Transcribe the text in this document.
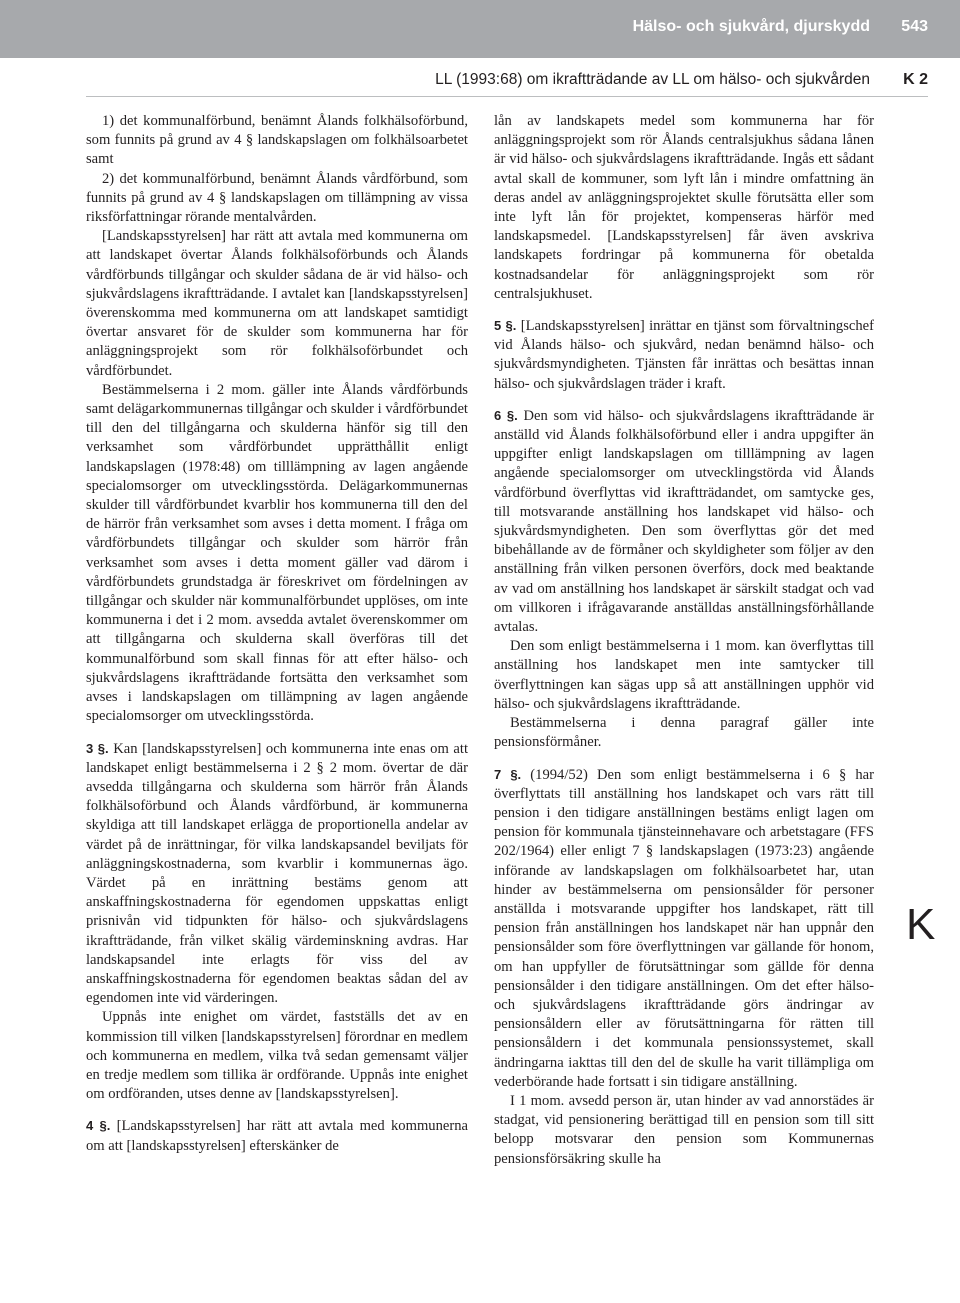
Hälso- och sjukvård, djurskydd 543
LL (1993:68) om ikraftträdande av LL om hälso- och sjukvården K 2

1) det kommunalförbund, benämnt Ålands folkhälsoförbund, som funnits på grund av 4 § landskapslagen om folkhälsoarbetet samt

2) det kommunalförbund, benämnt Ålands vårdförbund, som funnits på grund av 4 § landskapslagen om tillämpning av vissa riksförfattningar rörande mentalvården.

[Landskapsstyrelsen] har rätt att avtala med kommunerna om att landskapet övertar Ålands folkhälsoförbunds och Ålands vårdförbunds tillgångar och skulder sådana de är vid hälso- och sjukvårdslagens ikraftträdande. I avtalet kan [landskapsstyrelsen] överenskomma med kommunerna om att landskapet samtidigt övertar ansvaret för de skulder som kommunerna har för anläggningsprojekt som rör folkhälsoförbundet och vårdförbundet.

Bestämmelserna i 2 mom. gäller inte Ålands vårdförbunds samt delägarkommunernas tillgångar och skulder i vårdförbundet till den del tillgångarna och skulderna hänför sig till den verksamhet som vårdförbundet upprätthållit enligt landskapslagen (1978:48) om tilllämpning av lagen angående specialomsorger om utvecklingsstörda. Delägarkommunernas skulder till vårdförbundet kvarblir hos kommunerna till den del de härrör från verksamhet som avses i detta moment. I fråga om vårdförbundets tillgångar och skulder som härrör från verksamhet som avses i detta moment gäller vad därom i vårdförbundets grundstadga är föreskrivet om fördelningen av tillgångar och skulder när kommunalförbundet upplöses, om inte kommunerna i det i 2 mom. avsedda avtalet överenskommer om att tillgångarna och skulderna skall överföras till det kommunalförbund som skall finnas för att efter hälso- och sjukvårdslagens ikraftträdande fortsätta den verksamhet som avses i landskapslagen om tillämpning av lagen angående specialomsorger om utvecklingsstörda.

3 §. Kan [landskapsstyrelsen] och kommunerna inte enas om att landskapet enligt bestämmelserna i 2 § 2 mom. övertar de där avsedda tillgångarna och skulderna som härrör från Ålands folkhälsoförbund och Ålands vårdförbund, är kommunerna skyldiga att till landskapet erlägga de proportionella andelar av värdet på de inrättningar, för vilka landskapsandel beviljats för anläggningskostnaderna, som kvarblir i kommunernas ägo. Värdet på en inrättning bestäms genom att anskaffningskostnaderna för egendomen uppskattas enligt prisnivån vid tidpunkten för hälso- och sjukvårdslagens ikraftträdande, från vilket skälig värdeminskning avdras. Har landskapsandel inte erlagts för viss del av anskaffningskostnaderna för egendomen beaktas sådan del av egendomen inte vid värderingen.

Uppnås inte enighet om värdet, fastställs det av en kommission till vilken [landskapsstyrelsen] förordnar en medlem och kommunerna en medlem, vilka två sedan gemensamt väljer en tredje medlem som tillika är ordförande. Uppnås inte enighet om ordföranden, utses denne av [landskapsstyrelsen].

4 §. [Landskapsstyrelsen] har rätt att avtala med kommunerna om att [landskapsstyrelsen] efterskänker de

lån av landskapets medel som kommunerna har för anläggningsprojekt som rör Ålands centralsjukhus sådana lånen är vid hälso- och sjukvårdslagens ikraftträdande. Ingås ett sådant avtal skall de kommuner, som lyft lån i mindre omfattning än deras andel av anläggningsprojektet skulle förutsätta eller som inte lyft lån för projektet, kompenseras härför med landskapsmedel. [Landskapsstyrelsen] får även avskriva landskapets fordringar på kommunerna för obetalda kostnadsandelar för anläggningsprojekt som rör centralsjukhuset.

5 §. [Landskapsstyrelsen] inrättar en tjänst som förvaltningschef vid Ålands hälso- och sjukvård, nedan benämnd hälso- och sjukvårdsmyndigheten. Tjänsten får inrättas och besättas innan hälso- och sjukvårdslagen träder i kraft.

6 §. Den som vid hälso- och sjukvårdslagens ikraftträdande är anställd vid Ålands folkhälsoförbund eller i andra uppgifter än uppgifter enligt landskapslagen om tilllämpning av lagen angående specialomsorger om utvecklingstörda vid Ålands vårdförbund överflyttas vid ikraftträdandet, om samtycke ges, till motsvarande anställning hos landskapet vid hälso- och sjukvårdsmyndigheten. Den som överflyttas gör det med bibehållande av de förmåner och skyldigheter som följer av den anställning från vilken personen överförs, dock med beaktande av vad om anställning hos landskapet är särskilt stadgat och vad om villkoren i ifrågavarande anställdas anställningsförhållande avtalas.

Den som enligt bestämmelserna i 1 mom. kan överflyttas till anställning hos landskapet men inte samtycker till överflyttningen kan sägas upp så att anställningen upphör vid hälso- och sjukvårdslagens ikraftträdande.

Bestämmelserna i denna paragraf gäller inte pensionsförmåner.

7 §. (1994/52) Den som enligt bestämmelserna i 6 § har överflyttats till anställning hos landskapet och vars rätt till pension i den tidigare anställningen bestäms enligt lagen om pension för kommunala tjänsteinnehavare och arbetstagare (FFS 202/1964) eller enligt 7 § landskapslagen (1973:23) angående införande av landskapslagen om folkhälsoarbetet har, utan hinder av bestämmelserna om pensionsålder för personer anställda i motsvarande uppgifter hos landskapet, rätt till pension från anställningen hos landskapet när han uppnår den pensionsålder som före överflyttningen var gällande för honom, om han uppfyller de förutsättningar som gällde för denna pensionsålder i den tidigare anställningen. Om det efter hälso- och sjukvårdslagens ikraftträdande görs ändringar av pensionsåldern eller av förutsättningarna för rätten till pensionsåldern i det kommunala pensionssystemet, skall ändringarna iakttas till den del de skulle ha varit tillämpliga om vederbörande hade fortsatt i sin tidigare anställning.

I 1 mom. avsedd person är, utan hinder av vad annorstädes är stadgat, vid pensionering berättigad till en pension som till sitt belopp motsvarar den pension som Kommunernas pensionsförsäkring skulle ha

K
